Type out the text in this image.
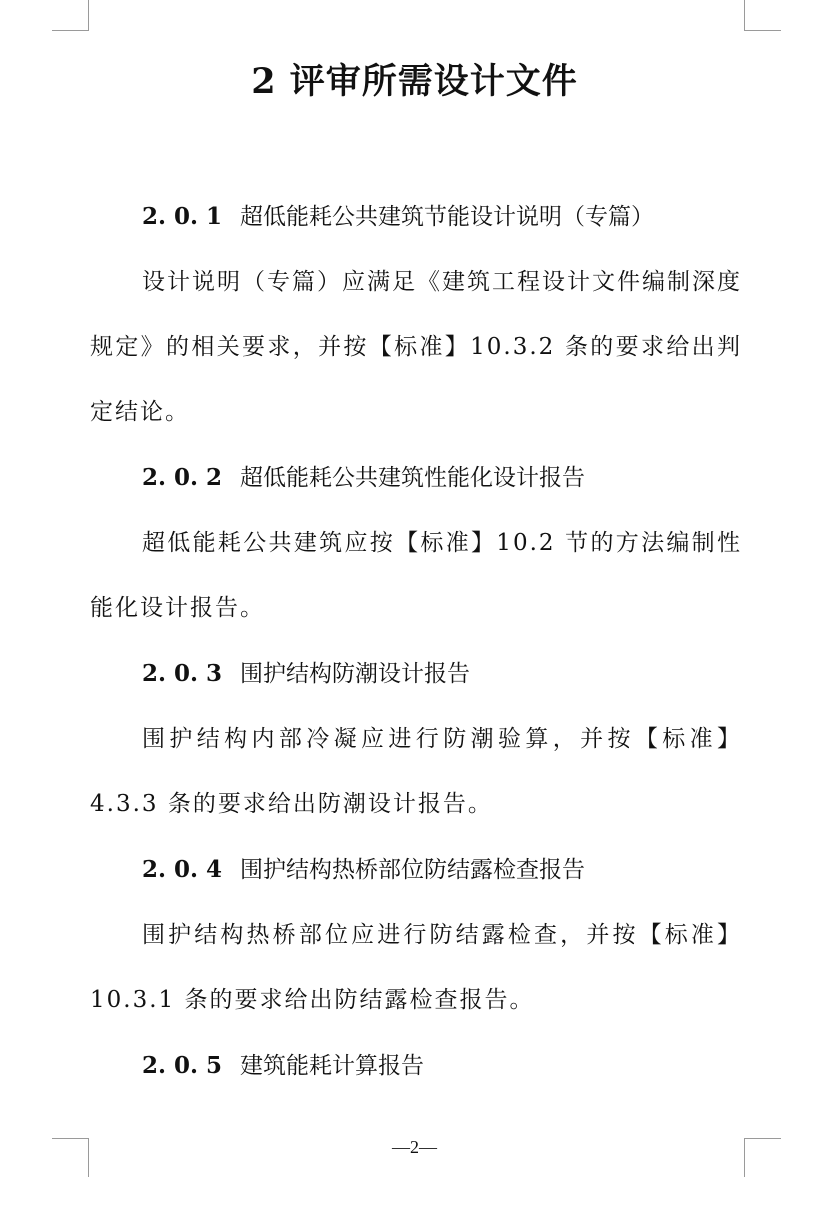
2 评审所需设计文件

2. 0. 1 超低能耗公共建筑节能设计说明（专篇）

设计说明（专篇）应满足《建筑工程设计文件编制深度规定》的相关要求，并按【标准】10.3.2 条的要求给出判定结论。

2. 0. 2 超低能耗公共建筑性能化设计报告

超低能耗公共建筑应按【标准】10.2 节的方法编制性能化设计报告。

2. 0. 3 围护结构防潮设计报告

围护结构内部冷凝应进行防潮验算，并按【标准】4.3.3 条的要求给出防潮设计报告。

2. 0. 4 围护结构热桥部位防结露检查报告

围护结构热桥部位应进行防结露检查，并按【标准】10.3.1 条的要求给出防结露检查报告。

2. 0. 5 建筑能耗计算报告

—2—
